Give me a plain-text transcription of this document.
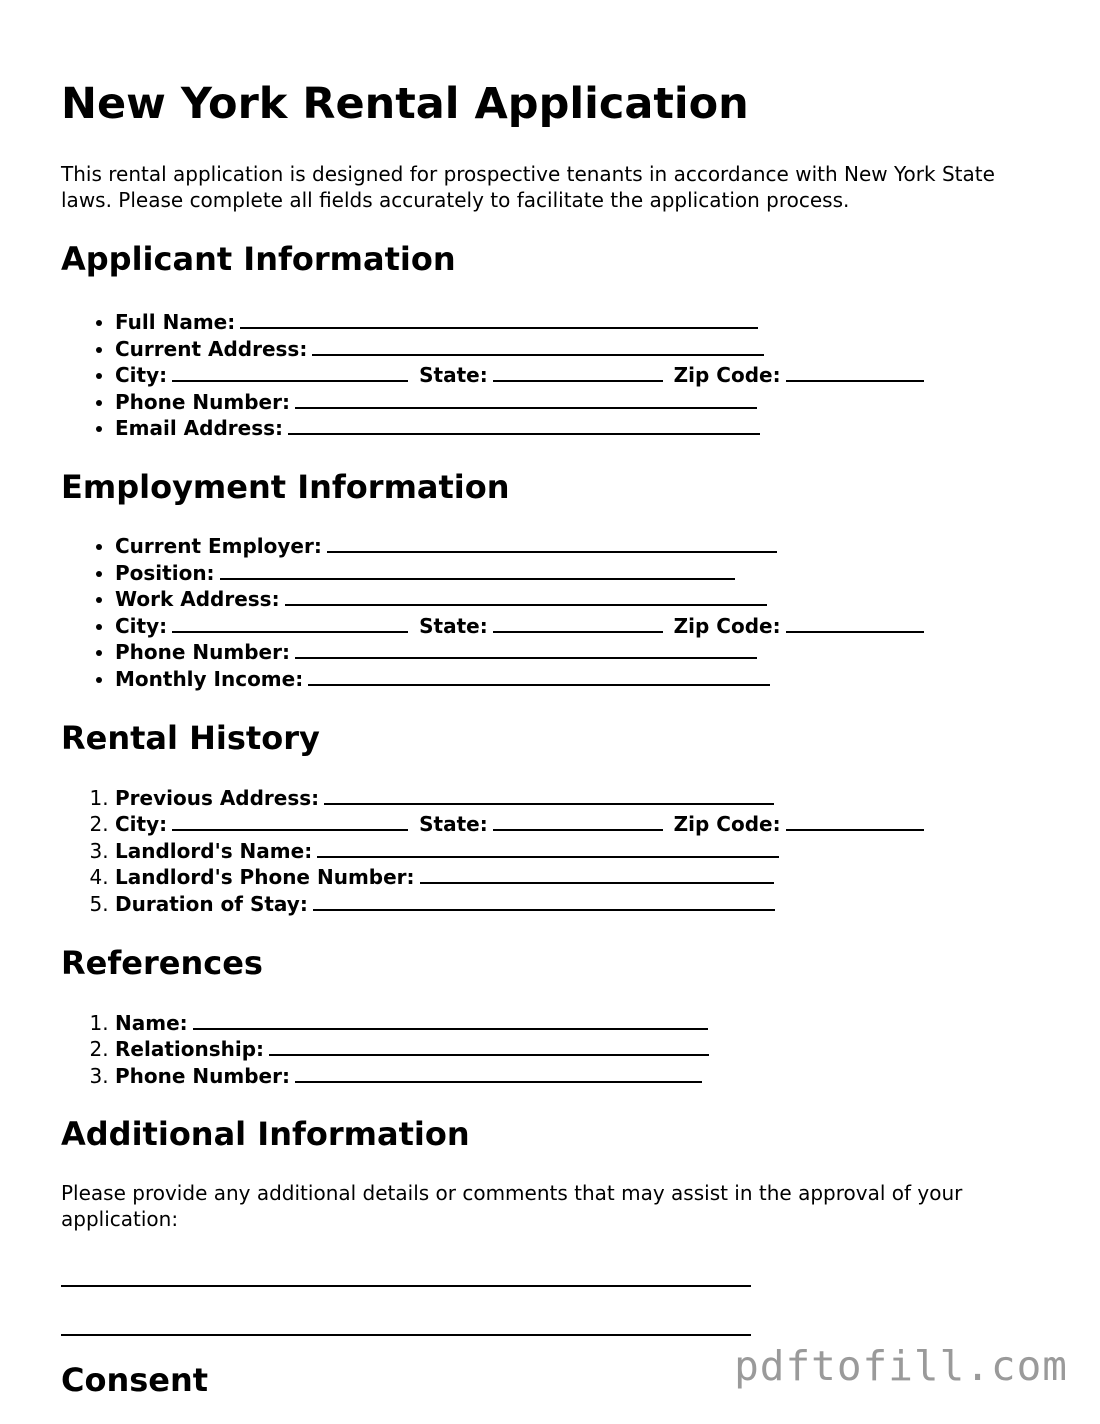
New York Rental Application

This rental application is designed for prospective tenants in accordance with New York State laws. Please complete all fields accurately to facilitate the application process.

Applicant Information
• Full Name:
• Current Address:
• City:	State:	Zip Code:
• Phone Number:
• Email Address:
Employment Information
• Current Employer:
• Position:
• Work Address:
• City:	State:	Zip Code:
• Phone Number:
• Monthly Income:
Rental History
1. Previous Address:
2. City:	State:	Zip Code:
3. Landlord's Name:
4. Landlord's Phone Number:
5. Duration of Stay:
References
1. Name:
2. Relationship:
3. Phone Number:
Additional Information

Please provide any additional details or comments that may assist in the approval of your application:

Consent	pdftofill.com
